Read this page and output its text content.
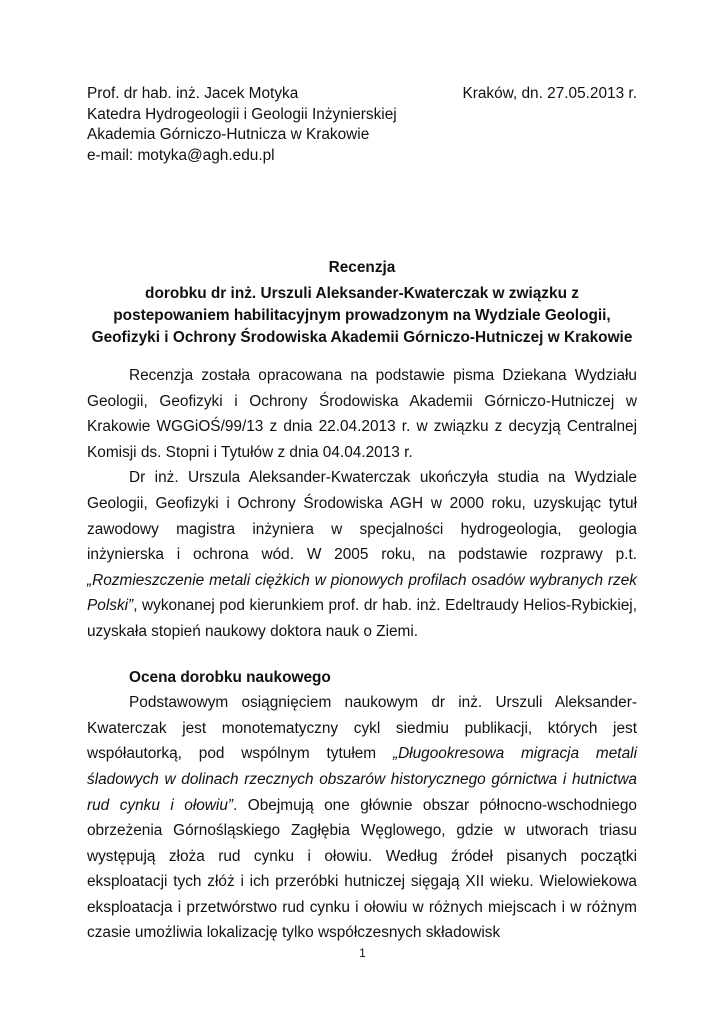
Prof. dr hab. inż. Jacek Motyka
Katedra Hydrogeologii i Geologii Inżynierskiej
Akademia Górniczo-Hutnicza w Krakowie
e-mail: motyka@agh.edu.pl
Kraków, dn. 27.05.2013 r.
Recenzja
dorobku dr inż. Urszuli Aleksander-Kwaterczak w związku z postepowaniem habilitacyjnym prowadzonym na Wydziale Geologii, Geofizyki i Ochrony Środowiska Akademii Górniczo-Hutniczej w Krakowie

Recenzja została opracowana na podstawie pisma Dziekana Wydziału Geologii, Geofizyki i Ochrony Środowiska Akademii Górniczo-Hutniczej w Krakowie WGGiOŚ/99/13 z dnia 22.04.2013 r. w związku z decyzją Centralnej Komisji ds. Stopni i Tytułów z dnia 04.04.2013 r.

Dr inż. Urszula Aleksander-Kwaterczak ukończyła studia na Wydziale Geologii, Geofizyki i Ochrony Środowiska AGH w 2000 roku, uzyskując tytuł zawodowy magistra inżyniera w specjalności hydrogeologia, geologia inżynierska i ochrona wód. W 2005 roku, na podstawie rozprawy p.t. „Rozmieszczenie metali ciężkich w pionowych profilach osadów wybranych rzek Polski”, wykonanej pod kierunkiem prof. dr hab. inż. Edeltraudy Helios-Rybickiej, uzyskała stopień naukowy doktora nauk o Ziemi.

Ocena dorobku naukowego

Podstawowym osiągnięciem naukowym dr inż. Urszuli Aleksander-Kwaterczak jest monotematyczny cykl siedmiu publikacji, których jest współautorką, pod wspólnym tytułem „Długookresowa migracja metali śladowych w dolinach rzecznych obszarów historycznego górnictwa i hutnictwa rud cynku i ołowiu”. Obejmują one głównie obszar północno-wschodniego obrzeżenia Górnośląskiego Zagłębia Węglowego, gdzie w utworach triasu występują złoża rud cynku i ołowiu. Według źródeł pisanych początki eksploatacji tych złóż i ich przeróbki hutniczej sięgają XII wieku. Wielowiekowa eksploatacja i przetwórstwo rud cynku i ołowiu w różnych miejscach i w różnym czasie umożliwia lokalizację tylko współczesnych składowisk

1
